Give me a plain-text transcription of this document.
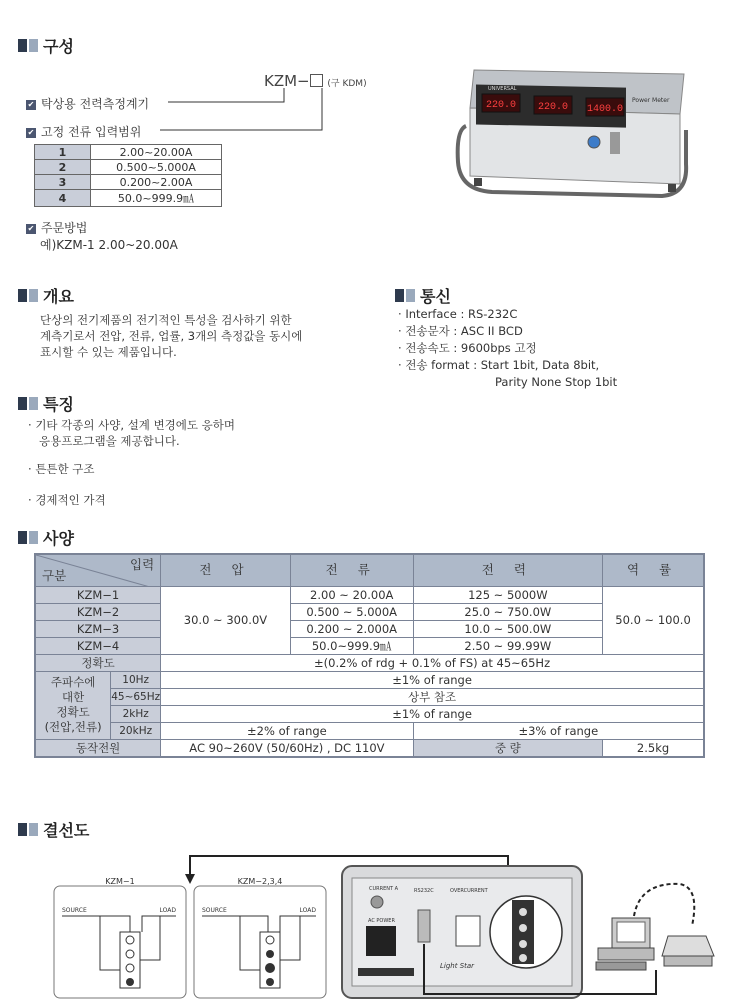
구성
KZM− (구 KDM)
✔ 탁상용 전력측정계기
✔ 고정 전류 입력범위
1	2.00~20.00A
2	0.500~5.000A
3	0.200~2.00A
4	50.0~999.9㎃
✔ 주문방법
예)KZM-1 2.00~20.00A
220.0 220.0 1400.0
UNIVERSAL
Power Meter
개요
단상의 전기제품의 전기적인 특성을 검사하기 위한
계측기로서 전압, 전류, 업률, 3개의 측정값을 동시에
표시할 수 있는 제품입니다.
통신
· Interface : RS-232C
· 전송문자 : ASC II BCD
· 전송속도 : 9600bps 고정
· 전송 format : Start 1bit, Data 8bit,
Parity None Stop 1bit
특징
· 기타 각종의 사양, 설계 변경에도 응하며
응용프로그램을 제공합니다.
· 튼튼한 구조
· 경제적인 가격
사양
입력
구분		전 압	전 류	전 력	역 률
KZM−1		30.0 ~ 300.0V	2.00 ~ 20.00A	125 ~ 5000W	50.0 ~ 100.0
KZM−2			0.500 ~ 5.000A	25.0 ~ 750.0W	
KZM−3			0.200 ~ 2.000A	10.0 ~ 500.0W	
KZM−4			50.0~999.9㎃	2.50 ~ 99.99W	
정확도		±(0.2% of rdg + 0.1% of FS) at 45~65Hz			

주파수에
대한
정확도
(전압,전류)	10Hz	±1% of range			
	45~65Hz	상부 참조			
	2kHz	±1% of range			
	20kHz	±2% of range		±3% of range	
동작전원		AC 90~260V (50/60Hz) , DC 110V		중 량	2.5kg
결선도
KZM−1
SOURCE	LOAD
KZM−2,3,4
SOURCE	LOAD
CURRENT A
AC POWER
RS232C	OVERCURRENT
Light Star
